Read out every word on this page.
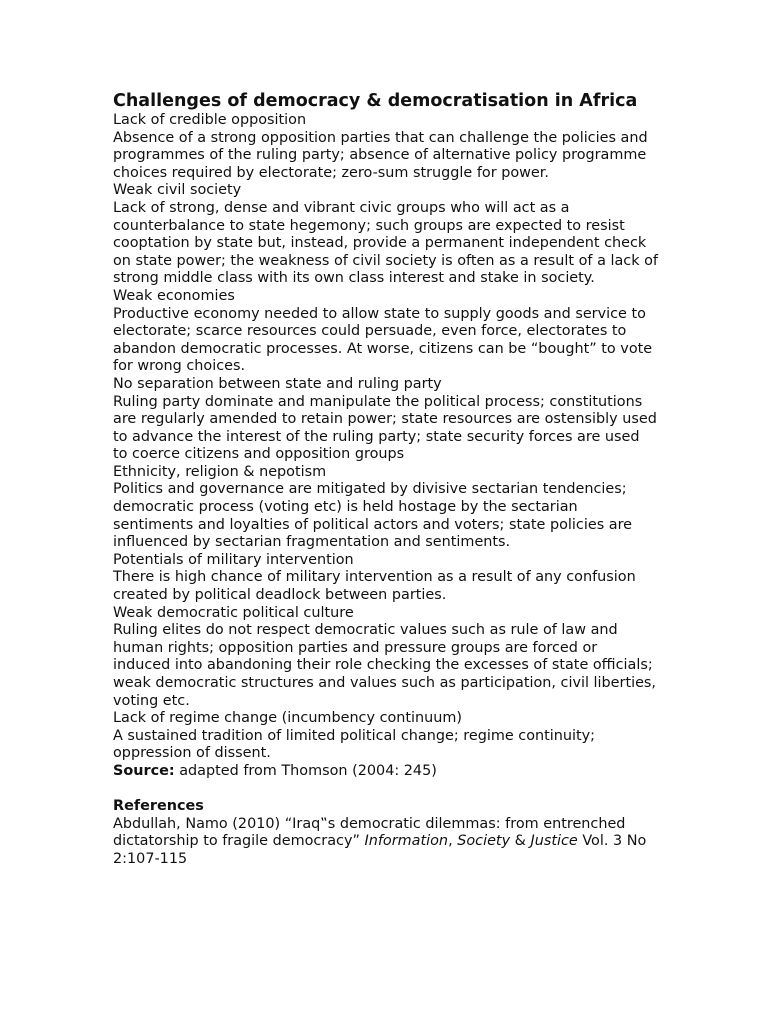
Challenges of democracy & democratisation in Africa

Lack of credible opposition

Absence of a strong opposition parties that can challenge the policies and programmes of the ruling party; absence of alternative policy programme choices required by electorate; zero-sum struggle for power.

Weak civil society

Lack of strong, dense and vibrant civic groups who will act as a counterbalance to state hegemony; such groups are expected to resist cooptation by state but, instead, provide a permanent independent check on state power; the weakness of civil society is often as a result of a lack of strong middle class with its own class interest and stake in society.

Weak economies

Productive economy needed to allow state to supply goods and service to electorate; scarce resources could persuade, even force, electorates to abandon democratic processes. At worse, citizens can be “bought” to vote for wrong choices.

No separation between state and ruling party

Ruling party dominate and manipulate the political process; constitutions are regularly amended to retain power; state resources are ostensibly used to advance the interest of the ruling party; state security forces are used to coerce citizens and opposition groups

Ethnicity, religion & nepotism

Politics and governance are mitigated by divisive sectarian tendencies; democratic process (voting etc) is held hostage by the sectarian sentiments and loyalties of political actors and voters; state policies are influenced by sectarian fragmentation and sentiments.

Potentials of military intervention

There is high chance of military intervention as a result of any confusion created by political deadlock between parties.

Weak democratic political culture

Ruling elites do not respect democratic values such as rule of law and human rights; opposition parties and pressure groups are forced or induced into abandoning their role checking the excesses of state officials; weak democratic structures and values such as participation, civil liberties, voting etc.

Lack of regime change (incumbency continuum)

A sustained tradition of limited political change; regime continuity; oppression of dissent.

Source: adapted from Thomson (2004: 245)

References

Abdullah, Namo (2010) “Iraq‟s democratic dilemmas: from entrenched dictatorship to fragile democracy” Information, Society & Justice Vol. 3 No 2:107-115
